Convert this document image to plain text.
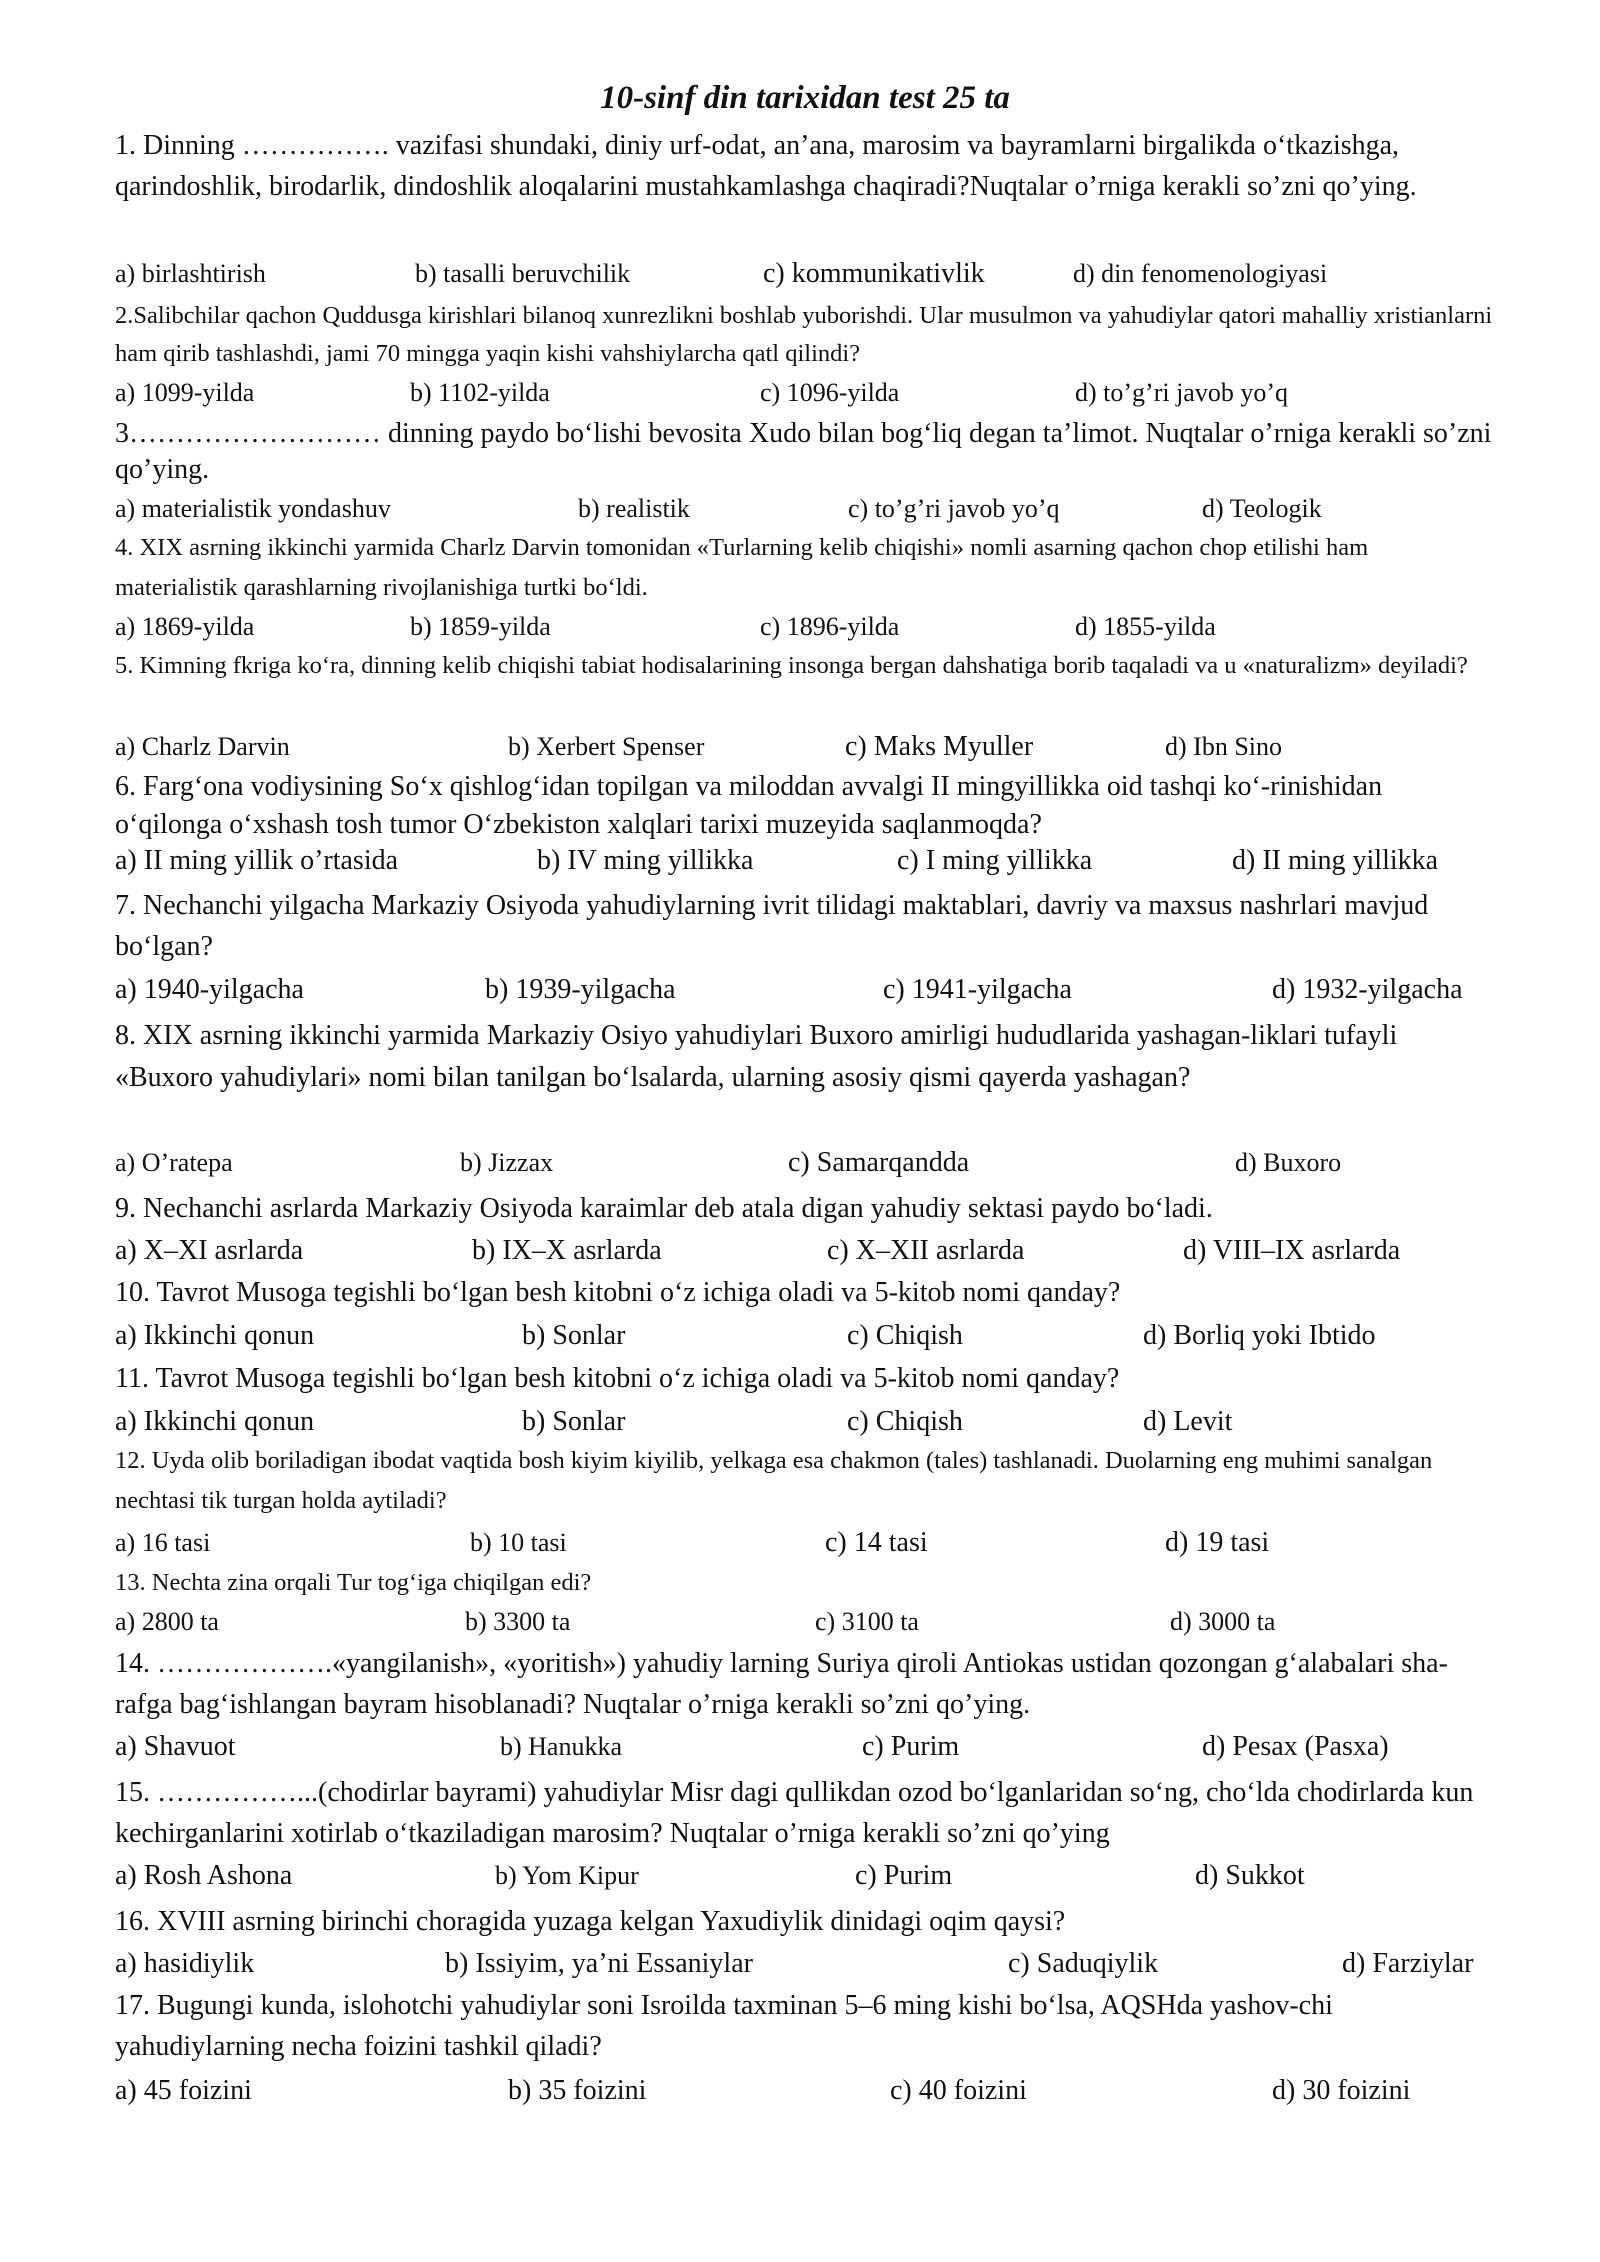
10-sinf din tarixidan test 25 ta

1. Dinning ……………. vazifasi shundaki, diniy urf-odat, an’ana, marosim va bayramlarni birgalikda o‘tkazishga, qarindoshlik, birodarlik, dindoshlik aloqalarini mustahkamlashga chaqiradi?Nuqtalar o’rniga kerakli so’zni qo’ying.

a) birlashtirish	b) tasalli beruvchilik	c) kommunikativlik	d) din fenomenologiyasi

2.Salibchilar qachon Quddusga kirishlari bilanoq xunrezlikni boshlab yuborishdi. Ular musulmon va yahudiylar qatori mahalliy xristianlarni ham qirib tashlashdi, jami 70 mingga yaqin kishi vahshiylarcha qatl qilindi?

a) 1099-yilda	b) 1102-yilda	c) 1096-yilda	d) to’g’ri javob yo’q

3……………………… dinning paydo bo‘lishi bevosita Xudo bilan bog‘liq degan ta’limot. Nuqtalar o’rniga kerakli so’zni qo’ying.

a) materialistik yondashuv	b) realistik	c) to’g’ri javob yo’q	d) Teologik

4. XIX asrning ikkinchi yarmida Charlz Darvin tomonidan «Turlarning kelib chiqishi» nomli asarning qachon chop etilishi ham materialistik qarashlarning rivojlanishiga turtki bo‘ldi.

a) 1869-yilda	b) 1859-yilda	c) 1896-yilda	d) 1855-yilda

5. Kimning fkriga ko‘ra, dinning kelib chiqishi tabiat hodisalarining insonga bergan dahshatiga borib taqaladi va u «naturalizm» deyiladi?

a) Charlz Darvin	b) Xerbert Spenser	c) Maks Myuller	d) Ibn Sino

6. Farg‘ona vodiysining So‘x qishlog‘idan topilgan va miloddan avvalgi II mingyillikka oid tashqi ko‘-rinishidan o‘qilonga o‘xshash tosh tumor O‘zbekiston xalqlari tarixi muzeyida saqlanmoqda?

a) II ming yillik o’rtasida	b) IV ming yillikka	c) I ming yillikka	d) II ming yillikka

7. Nechanchi yilgacha Markaziy Osiyoda yahudiylarning ivrit tilidagi maktablari, davriy va maxsus nashrlari mavjud bo‘lgan?

a) 1940-yilgacha	b) 1939-yilgacha	c) 1941-yilgacha	d) 1932-yilgacha

8. XIX asrning ikkinchi yarmida Markaziy Osiyo yahudiylari Buxoro amirligi hududlarida yashagan-liklari tufayli «Buxoro yahudiylari» nomi bilan tanilgan bo‘lsalarda, ularning asosiy qismi qayerda yashagan?

a) O’ratepa	b) Jizzax	c) Samarqandda	d) Buxoro

9. Nechanchi asrlarda Markaziy Osiyoda karaimlar deb atala digan yahudiy sektasi paydo bo‘ladi.

a) X–XI asrlarda	b) IX–X asrlarda	c) X–XII asrlarda	d) VIII–IX asrlarda

10. Tavrot Musoga tegishli bo‘lgan besh kitobni o‘z ichiga oladi va 5-kitob nomi qanday?

a) Ikkinchi qonun	b) Sonlar	c) Chiqish	d) Borliq yoki Ibtido

11. Tavrot Musoga tegishli bo‘lgan besh kitobni o‘z ichiga oladi va 5-kitob nomi qanday?

a) Ikkinchi qonun	b) Sonlar	c) Chiqish	d) Levit

12. Uyda olib boriladigan ibodat vaqtida bosh kiyim kiyilib, yelkaga esa chakmon (tales) tashlanadi. Duolarning eng muhimi sanalgan nechtasi tik turgan holda aytiladi?

a) 16 tasi	b) 10 tasi	c) 14 tasi	d) 19 tasi

13. Nechta zina orqali Tur tog‘iga chiqilgan edi?

a) 2800 ta	b) 3300 ta	c) 3100 ta	d) 3000 ta

14. ……………….«yangilanish», «yoritish») yahudiy larning Suriya qiroli Antiokas ustidan qozongan g‘alabalari sha-rafga bag‘ishlangan bayram hisoblanadi? Nuqtalar o’rniga kerakli so’zni qo’ying.

a) Shavuot	b) Hanukka	c) Purim	d) Pesax (Pasxa)

15. ……………...(chodirlar bayrami) yahudiylar Misr dagi qullikdan ozod bo‘lganlaridan so‘ng, cho‘lda chodirlarda kun kechirganlarini xotirlab o‘tkaziladigan marosim? Nuqtalar o’rniga kerakli so’zni qo’ying

a) Rosh Ashona	b) Yom Kipur	c) Purim	d) Sukkot

16. XVIII asrning birinchi choragida yuzaga kelgan Yaxudiylik dinidagi oqim qaysi?

a) hasidiylik	b) Issiyim, ya’ni Essaniylar	c) Saduqiylik	d) Farziylar

17. Bugungi kunda, islohotchi yahudiylar soni Isroilda taxminan 5–6 ming kishi bo‘lsa, AQSHda yashov-chi yahudiylarning necha foizini tashkil qiladi?

a) 45 foizini	b) 35 foizini	c) 40 foizini	d) 30 foizini
